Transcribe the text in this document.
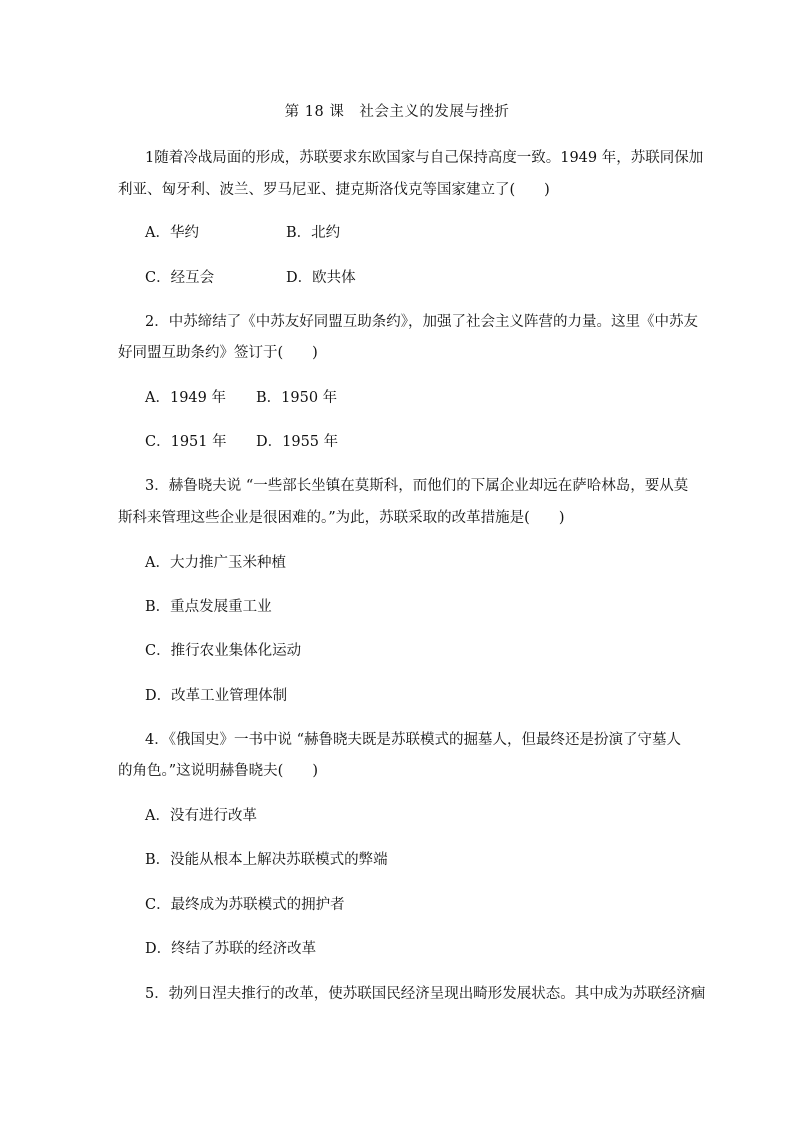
第 18 课　社会主义的发展与挫折
1随着冷战局面的形成，苏联要求东欧国家与自己保持高度一致。1949 年，苏联同保加
利亚、匈牙利、波兰、罗马尼亚、捷克斯洛伐克等国家建立了(　　)
A．华约	B．北约
C．经互会	D．欧共体
2．中苏缔结了《中苏友好同盟互助条约》，加强了社会主义阵营的力量。这里《中苏友
好同盟互助条约》签订于(　　)
A．1949 年 B．1950 年
C．1951 年 D．1955 年
3．赫鲁晓夫说 “一些部长坐镇在莫斯科，而他们的下属企业却远在萨哈林岛，要从莫
斯科来管理这些企业是很困难的。”为此，苏联采取的改革措施是(　　)
A．大力推广玉米种植
B．重点发展重工业
C．推行农业集体化运动
D．改革工业管理体制
4．《俄国史》一书中说 “赫鲁晓夫既是苏联模式的掘墓人，但最终还是扮演了守墓人
的角色。”这说明赫鲁晓夫(　　)
A．没有进行改革
B．没能从根本上解决苏联模式的弊端
C．最终成为苏联模式的拥护者
D．终结了苏联的经济改革
5．勃列日涅夫推行的改革，使苏联国民经济呈现出畸形发展状态。其中成为苏联经济痼
